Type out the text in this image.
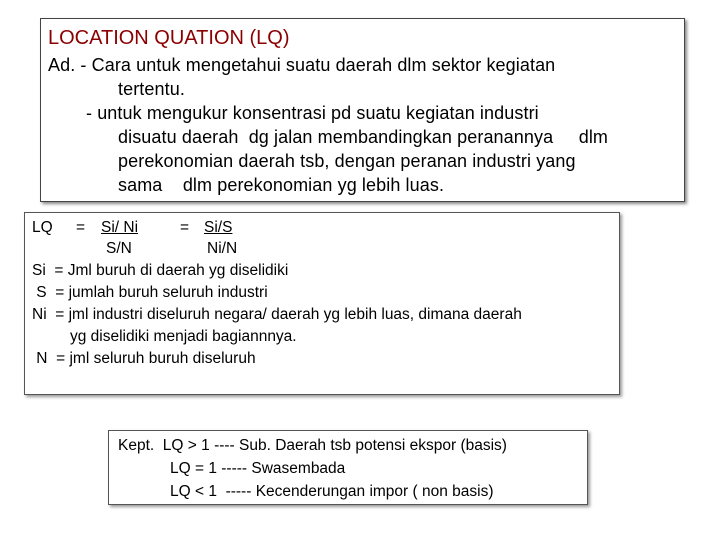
LOCATION QUATION (LQ)
Ad. - Cara untuk mengetahui suatu daerah dlm sektor kegiatan
tertentu.
- untuk mengukur konsentrasi pd suatu kegiatan industri
disuatu daerah  dg jalan membandingkan peranannya     dlm
perekonomian daerah tsb, dengan peranan industri yang
sama    dlm perekonomian yg lebih luas.
LQ = Si/ Ni	= Si/S
S/N	Ni/N
Si  = Jml buruh di daerah yg diselidiki
S  = jumlah buruh seluruh industri
Ni  = jml industri diseluruh negara/ daerah yg lebih luas, dimana daerah
yg diselidiki menjadi bagiannnya.
N  = jml seluruh buruh diseluruh
Kept.  LQ > 1 ---- Sub. Daerah tsb potensi ekspor (basis)
LQ = 1 ----- Swasembada
LQ < 1  ----- Kecenderungan impor ( non basis)
